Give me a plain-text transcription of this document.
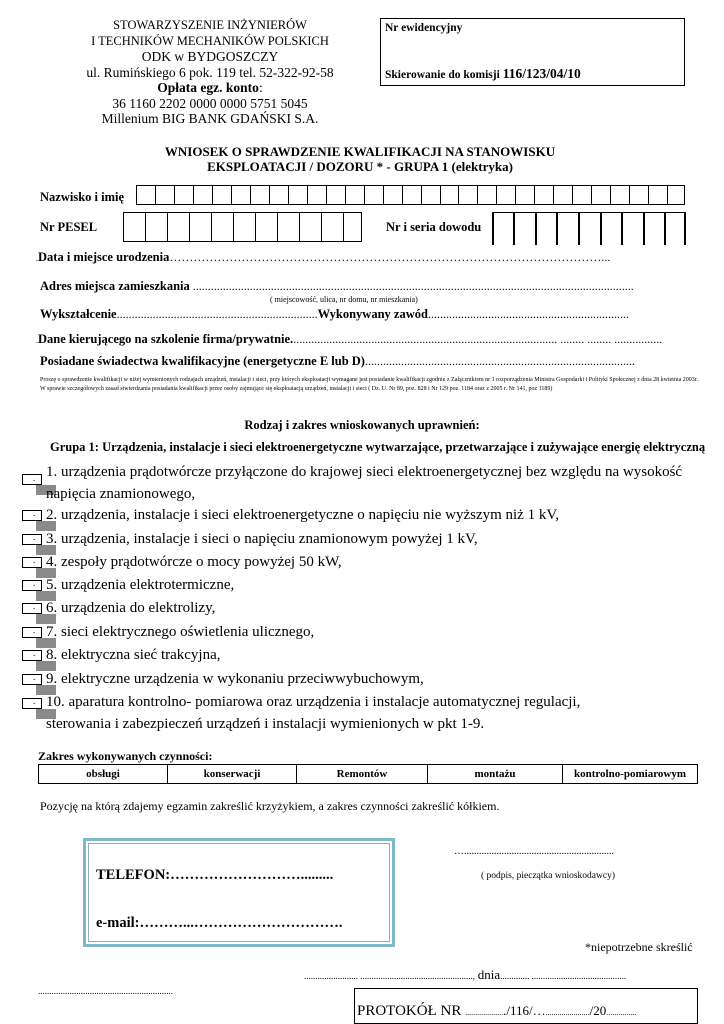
STOWARZYSZENIE INŻYNIERÓW
I TECHNIKÓW MECHANIKÓW POLSKICH
ODK w BYDGOSZCZY
ul. Rumińskiego 6 pok. 119 tel. 52-322-92-58
Opłata egz. konto:
36 1160 2202 0000 0000 5751 5045
Millenium BIG BANK GDAŃSKI S.A.
Nr ewidencyjny
Skierowanie do komisji 116/123/04/10
WNIOSEK O SPRAWDZENIE KWALIFIKACJI NA STANOWISKU
EKSPLOATACJI / DOZORU * - GRUPA 1 (elektryka)
Nazwisko i imię
Nr PESEL	Nr i seria dowodu
.Data i miejsce urodzenia………………………………………………………………………………………………...
Adres miejsca zamieszkania ...................................................................................................................................................
( miejscowość, ulica, nr domu, nr mieszkania)
Wykształcenie...................................................................Wykonywany zawód...................................................................
.Dane kierującego na szkolenie firma/prywatnie......................................................................................... ........ ........ ................
Posiadane świadectwa kwalifikacyjne (energetyczne E lub D)..........................................................................................
Proszę o sprawdzenie kwalifikacji w niżej wymienionych rodzajach urządzeń, instalacji i sieci, przy których eksploatacji wymagane jest posiadanie kwalifikacji zgodnie z Załącznikiem nr 1 rozporządzenia Ministra Gospodarki i Polityki Społecznej z dnia 28 kwietnia 2003r. W sprawie szczegółowych zasad stwierdzania posiadania kwalifikacji przez osoby zajmujące się eksploatacją urządzeń, instalacji i sieci ( Dz. U. Nr 89, poz. 828 i Nr 129 poz. 1184 oraz z 2005 r. Nr 141, poz 1189)
Rodzaj i zakres wnioskowanych uprawnień:
Grupa 1: Urządzenia, instalacje i sieci elektroenergetyczne wytwarzające, przetwarzające i zużywające energię elektryczną
. 1. urządzenia prądotwórcze przyłączone do krajowej sieci elektroenergetycznej bez względu na wysokość
napięcia znamionowego,
. 2. urządzenia, instalacje i sieci elektroenergetyczne o napięciu nie wyższym niż 1 kV,
. 3. urządzenia, instalacje i sieci o napięciu znamionowym powyżej 1 kV,
. 4. zespoły prądotwórcze o mocy powyżej 50 kW,
. 5. urządzenia elektrotermiczne,
. 6. urządzenia do elektrolizy,
. 7. sieci elektrycznego oświetlenia ulicznego,
. 8. elektryczna sieć trakcyjna,
. 9. elektryczne urządzenia w wykonaniu przeciwwybuchowym,
. 10. aparatura kontrolno- pomiarowa oraz urządzenia i instalacje automatycznej regulacji,
sterowania i zabezpieczeń urządzeń i instalacji wymienionych w pkt 1-9.
Zakres wykonywanych czynności:
obsługi	konserwacji	Remontów	montażu	kontrolno-pomiarowym
Pozycję na którą zdajemy egzamin zakreślić krzyżykiem, a zakres czynności zakreślić kółkiem.
TELEFON:……………………….........
e-mail:………...………………………….
…............................................................
( podpis, pieczątka wnioskodawcy)
*niepotrzebne skreślić
............................................................
........................ .................................................., dnia............. ..........................................
PROTOKÓŁ NR ..................../116/…....................../20...............
